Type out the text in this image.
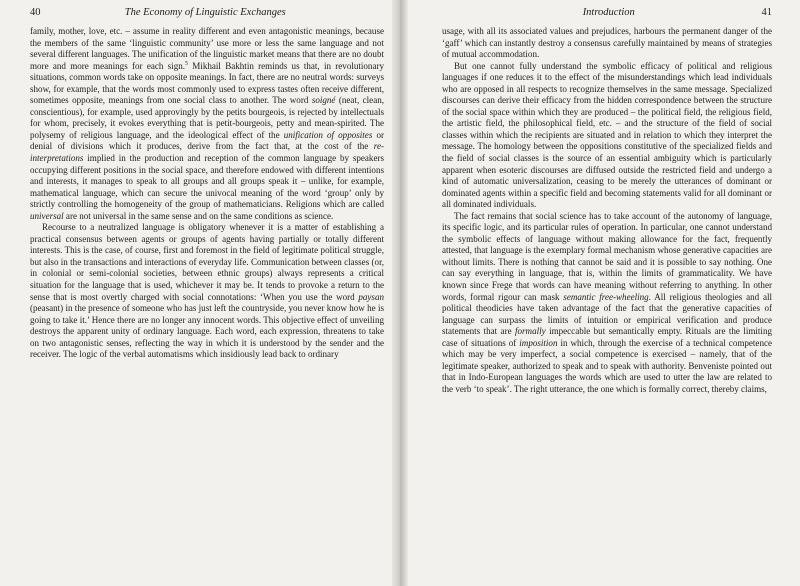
40	The Economy of Linguistic Exchanges

family, mother, love, etc. – assume in reality different and even antagonistic meanings, because the members of the same ‘linguistic community’ use more or less the same language and not several different languages. The unification of the linguistic market means that there are no doubt more and more meanings for each sign.$^5$ Mikhail Bakhtin reminds us that, in revolutionary situations, common words take on opposite meanings. In fact, there are no neutral words: surveys show, for example, that the words most commonly used to express tastes often receive different, sometimes opposite, meanings from one social class to another. The word soigné (neat, clean, conscientious), for example, used approvingly by the petits bourgeois, is rejected by intellectuals for whom, precisely, it evokes everything that is petit-bourgeois, petty and mean-spirited. The polysemy of religious language, and the ideological effect of the unification of opposites or denial of divisions which it produces, derive from the fact that, at the cost of the re-interpretations implied in the production and reception of the common language by speakers occupying different positions in the social space, and therefore endowed with different intentions and interests, it manages to speak to all groups and all groups speak it – unlike, for example, mathematical language, which can secure the univocal meaning of the word ‘group’ only by strictly controlling the homogeneity of the group of mathematicians. Religions which are called universal are not universal in the same sense and on the same conditions as science.

Recourse to a neutralized language is obligatory whenever it is a matter of establishing a practical consensus between agents or groups of agents having partially or totally different interests. This is the case, of course, first and foremost in the field of legitimate political struggle, but also in the transactions and interactions of everyday life. Communication between classes (or, in colonial or semi-colonial societies, between ethnic groups) always represents a critical situation for the language that is used, whichever it may be. It tends to provoke a return to the sense that is most overtly charged with social connotations: ‘When you use the word paysan (peasant) in the presence of someone who has just left the countryside, you never know how he is going to take it.’ Hence there are no longer any innocent words. This objective effect of unveiling destroys the apparent unity of ordinary language. Each word, each expression, threatens to take on two antagonistic senses, reflecting the way in which it is understood by the sender and the receiver. The logic of the verbal automatisms which insidiously lead back to ordinary

Introduction	41

usage, with all its associated values and prejudices, harbours the permanent danger of the ‘gaff’ which can instantly destroy a consensus carefully maintained by means of strategies of mutual accommodation.

But one cannot fully understand the symbolic efficacy of political and religious languages if one reduces it to the effect of the misunderstandings which lead individuals who are opposed in all respects to recognize themselves in the same message. Specialized discourses can derive their efficacy from the hidden correspondence between the structure of the social space within which they are produced – the political field, the religious field, the artistic field, the philosophical field, etc. – and the structure of the field of social classes within which the recipients are situated and in relation to which they interpret the message. The homology between the oppositions constitutive of the specialized fields and the field of social classes is the source of an essential ambiguity which is particularly apparent when esoteric discourses are diffused outside the restricted field and undergo a kind of automatic universalization, ceasing to be merely the utterances of dominant or dominated agents within a specific field and becoming statements valid for all dominant or all dominated individuals.

The fact remains that social science has to take account of the autonomy of language, its specific logic, and its particular rules of operation. In particular, one cannot understand the symbolic effects of language without making allowance for the fact, frequently attested, that language is the exemplary formal mechanism whose generative capacities are without limits. There is nothing that cannot be said and it is possible to say nothing. One can say everything in language, that is, within the limits of grammaticality. We have known since Frege that words can have meaning without referring to anything. In other words, formal rigour can mask semantic free-wheeling. All religious theologies and all political theodicies have taken advantage of the fact that the generative capacities of language can surpass the limits of intuition or empirical verification and produce statements that are formally impeccable but semantically empty. Rituals are the limiting case of situations of imposition in which, through the exercise of a technical competence which may be very imperfect, a social competence is exercised – namely, that of the legitimate speaker, authorized to speak and to speak with authority. Benveniste pointed out that in Indo-European languages the words which are used to utter the law are related to the verb ‘to speak’. The right utterance, the one which is formally correct, thereby claims,
